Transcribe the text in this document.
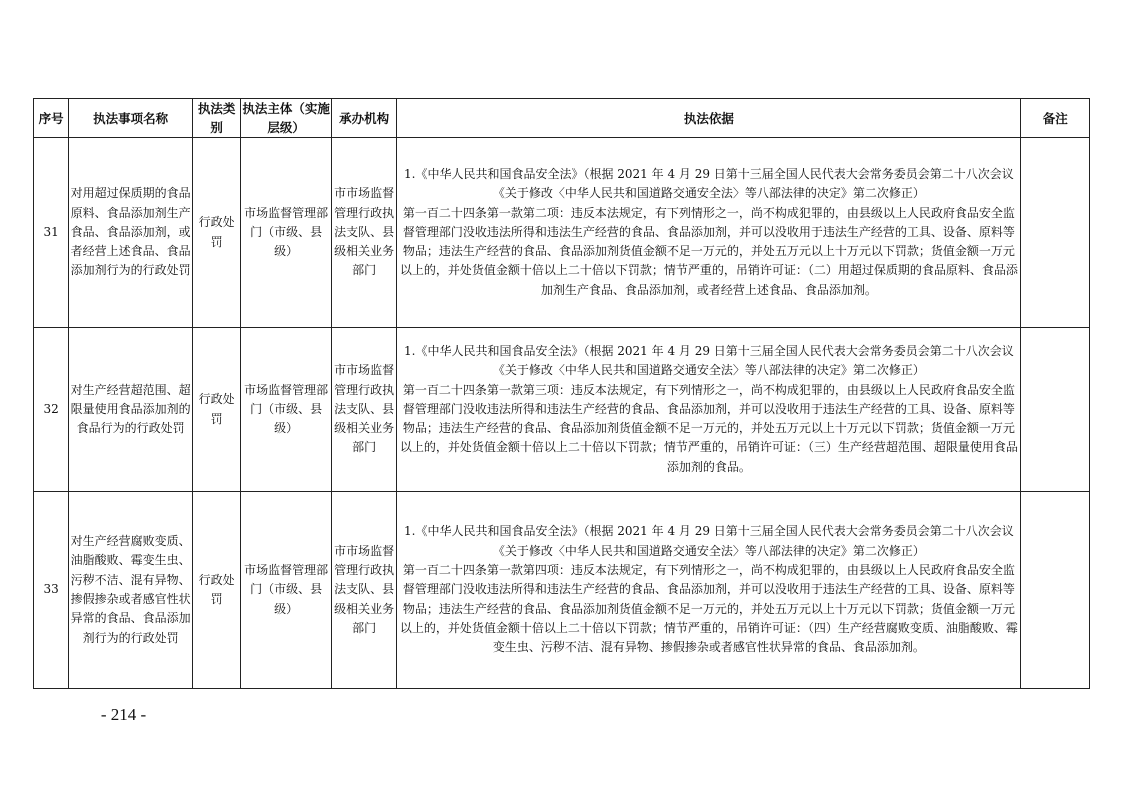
序号	执法事项名称	执法类别	执法主体（实施层级）	承办机构	执法依据	备注
31	对用超过保质期的食品原料、食品添加剂生产食品、食品添加剂，或者经营上述食品、食品添加剂行为的行政处罚	行政处罚	市场监督管理部门（市级、县级）	市市场监督管理行政执法支队、县级相关业务部门	1.《中华人民共和国食品安全法》（根据 2021 年 4 月 29 日第十三届全国人民代表大会常务委员会第二十八次会议《关于修改〈中华人民共和国道路交通安全法〉等八部法律的决定》第二次修正）

第一百二十四条第一款第二项：违反本法规定，有下列情形之一，尚不构成犯罪的，由县级以上人民政府食品安全监督管理部门没收违法所得和违法生产经营的食品、食品添加剂，并可以没收用于违法生产经营的工具、设备、原料等物品；违法生产经营的食品、食品添加剂货值金额不足一万元的，并处五万元以上十万元以下罚款；货值金额一万元以上的，并处货值金额十倍以上二十倍以下罚款；情节严重的，吊销许可证：（二）用超过保质期的食品原料、食品添加剂生产食品、食品添加剂，或者经营上述食品、食品添加剂。	

32	对生产经营超范围、超限量使用食品添加剂的食品行为的行政处罚	行政处罚	市场监督管理部门（市级、县级）	市市场监督管理行政执法支队、县级相关业务部门	1.《中华人民共和国食品安全法》（根据 2021 年 4 月 29 日第十三届全国人民代表大会常务委员会第二十八次会议《关于修改〈中华人民共和国道路交通安全法〉等八部法律的决定》第二次修正）

第一百二十四条第一款第三项：违反本法规定，有下列情形之一，尚不构成犯罪的，由县级以上人民政府食品安全监督管理部门没收违法所得和违法生产经营的食品、食品添加剂，并可以没收用于违法生产经营的工具、设备、原料等物品；违法生产经营的食品、食品添加剂货值金额不足一万元的，并处五万元以上十万元以下罚款；货值金额一万元以上的，并处货值金额十倍以上二十倍以下罚款；情节严重的，吊销许可证：（三）生产经营超范围、超限量使用食品添加剂的食品。	

33	对生产经营腐败变质、油脂酸败、霉变生虫、污秽不洁、混有异物、掺假掺杂或者感官性状异常的食品、食品添加剂行为的行政处罚	行政处罚	市场监督管理部门（市级、县级）	市市场监督管理行政执法支队、县级相关业务部门	1.《中华人民共和国食品安全法》（根据 2021 年 4 月 29 日第十三届全国人民代表大会常务委员会第二十八次会议《关于修改〈中华人民共和国道路交通安全法〉等八部法律的决定》第二次修正）

第一百二十四条第一款第四项：违反本法规定，有下列情形之一，尚不构成犯罪的，由县级以上人民政府食品安全监督管理部门没收违法所得和违法生产经营的食品、食品添加剂，并可以没收用于违法生产经营的工具、设备、原料等物品；违法生产经营的食品、食品添加剂货值金额不足一万元的，并处五万元以上十万元以下罚款；货值金额一万元以上的，并处货值金额十倍以上二十倍以下罚款；情节严重的，吊销许可证：（四）生产经营腐败变质、油脂酸败、霉变生虫、污秽不洁、混有异物、掺假掺杂或者感官性状异常的食品、食品添加剂。	

- 214 -
